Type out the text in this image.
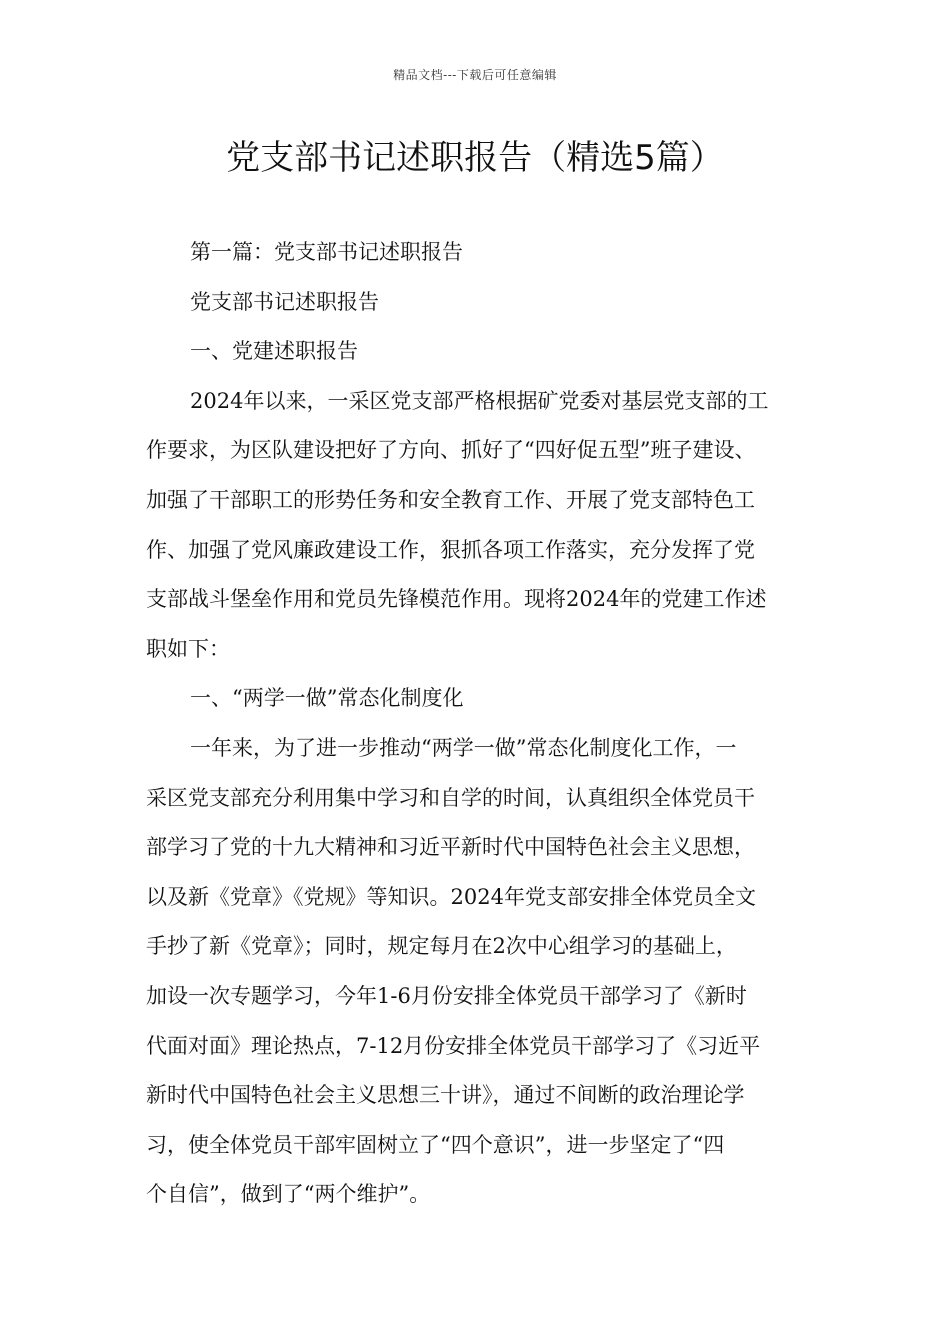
精品文档---下载后可任意编辑
党支部书记述职报告（精选5篇）
第一篇：党支部书记述职报告
党支部书记述职报告
一、党建述职报告
2024年以来，一采区党支部严格根据矿党委对基层党支部的工
作要求，为区队建设把好了方向、抓好了“四好促五型”班子建设、
加强了干部职工的形势任务和安全教育工作、开展了党支部特色工
作、加强了党风廉政建设工作，狠抓各项工作落实，充分发挥了党
支部战斗堡垒作用和党员先锋模范作用。现将2024年的党建工作述
职如下：
一、“两学一做”常态化制度化
一年来，为了进一步推动“两学一做”常态化制度化工作，一
采区党支部充分利用集中学习和自学的时间，认真组织全体党员干
部学习了党的十九大精神和习近平新时代中国特色社会主义思想，
以及新《党章》《党规》等知识。2024年党支部安排全体党员全文
手抄了新《党章》；同时，规定每月在2次中心组学习的基础上，
加设一次专题学习，今年1-6月份安排全体党员干部学习了《新时
代面对面》理论热点，7-12月份安排全体党员干部学习了《习近平
新时代中国特色社会主义思想三十讲》，通过不间断的政治理论学
习，使全体党员干部牢固树立了“四个意识”，进一步坚定了“四
个自信”，做到了“两个维护”。
